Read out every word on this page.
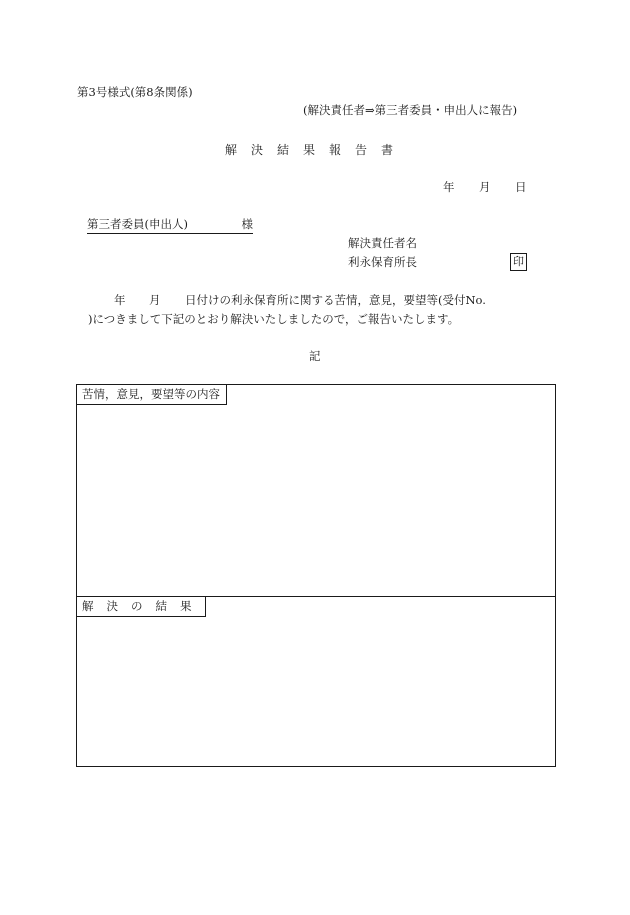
第3号様式(第8条関係)
(解決責任者⇒第三者委員・申出人に報告)
解決結果報告書
年 月 日
第三者委員(申出人)	様
解決責任者名
利永保育所長	印
年 月 日付けの利永保育所に関する苦情，意見，要望等(受付No.
)につきまして下記のとおり解決いたしましたので，ご報告いたします。
記
苦情，意見，要望等の内容
解決の結果
